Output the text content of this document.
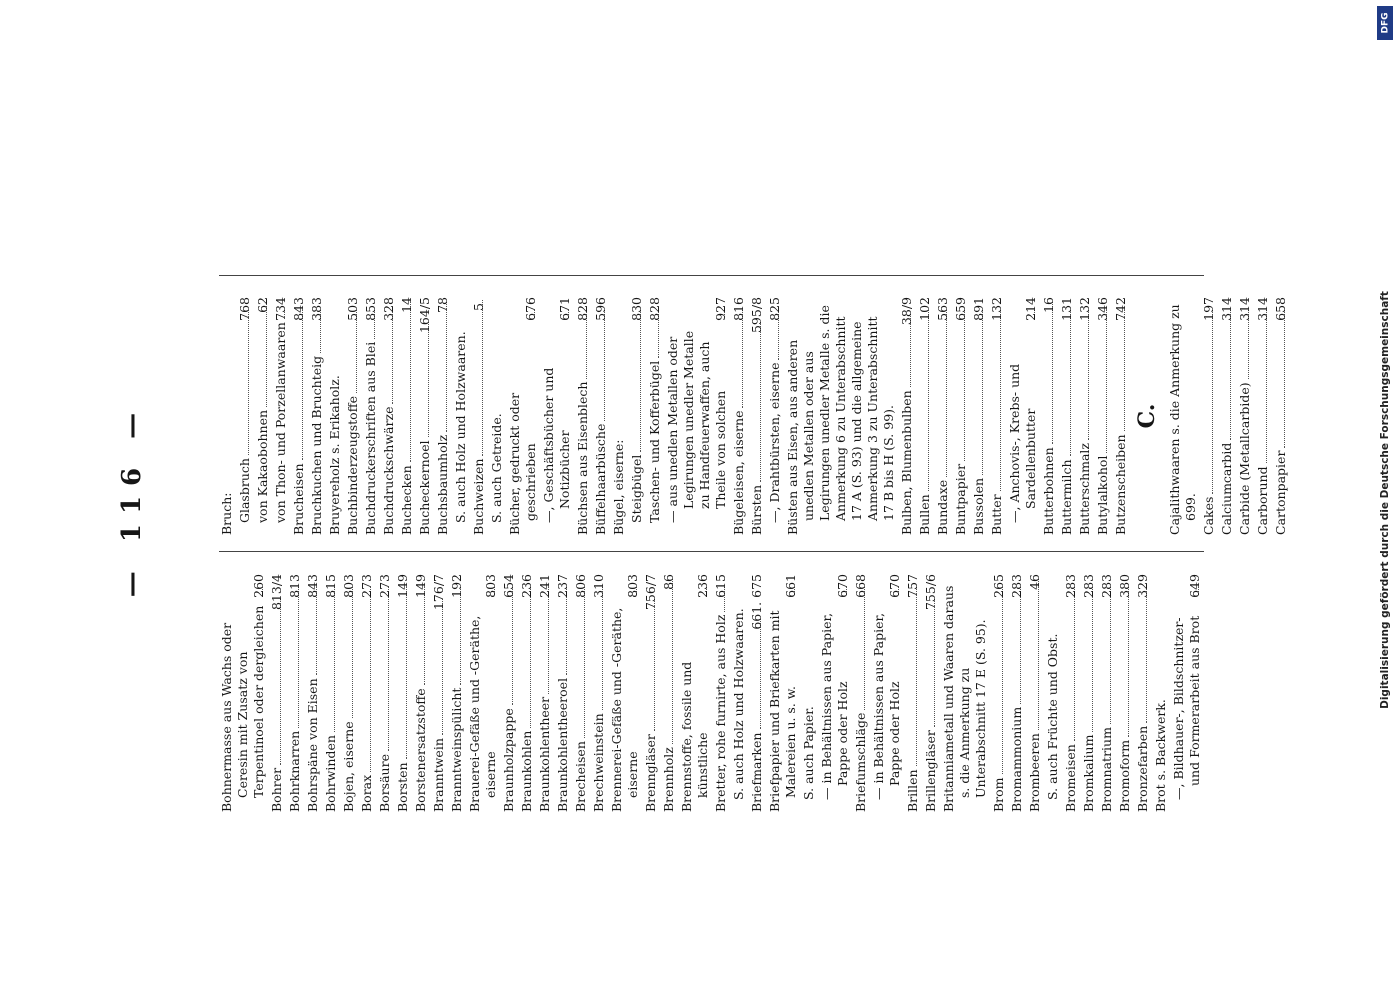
— 116 —
Bohnermasse aus Wachs oder Ceresin mit Zusatz von Terpentinoel oder dergleichen
260
Bohrer
813/4
Bohrknarren
813
Bohrspäne von Eisen
843
Bohrwinden
815
Bojen, eiserne
803
Borax
273
Borsäure
273
Borsten
149
Borstenersatzstoffe
149
Branntwein
176/7
Branntweinspülicht
192
Brauerei-Gefäße und -Geräthe, eiserne
803
Braunholzpappe
654
Braunkohlen
236
Braunkohlentheer
241
Braunkohlentheeroel
237
Brecheisen
806
Brechweinstein
310
Brennerei-Gefäße und -Geräthe, eiserne
803
Brenngläser
756/7
Brennholz
86
Brennstoffe, fossile und künstliche
236
Bretter, rohe furnirte, aus Holz
615
S. auch Holz und Holzwaaren. Briefmarken
661. 675
Briefpapier und Briefkarten mit Malereien u. s. w.
661
S. auch Papier. — in Behältnissen aus Papier, Pappe oder Holz
670
Briefumschläge
668
— in Behältnissen aus Papier, Pappe oder Holz
670
Brillen
757
Brillengläser
755/6 Britanniametall und Waaren daraus s. die Anmerkung zu Unterabschnitt 17 E (S. 95). Brom
265
Bromammonium
283
Brombeeren
46
S. auch Früchte und Obst. Bromeisen
283
Bromkalium
283
Bromnatrium
283
Bromoform
380
Bronzefarben
329
Brot s. Backwerk. —, Bildhauer-, Bildschnitzer- und Formerarbeit aus Brot
649
Bruch: Glasbruch
768
von Kakaobohnen
62
von Thon- und Porzellanwaaren
734
Brucheisen
843
Bruchkuchen und Bruchteig
383
Bruyereholz s. Erikaholz. Buchbinderzeugstoffe
503
Buchdruckerschriften aus Blei
853
Buchdruckschwärze
328
Buchecken
14
Bucheckernoel
164/5
Buchsbaumholz
78
S. auch Holz und Holzwaaren. Buchweizen
5
S. auch Getreide. Bücher, gedruckt oder geschrieben
676
—, Geschäftsbücher und Notizbücher
671
Büchsen aus Eisenblech
828
Büffelhaarbüsche
596
Bügel, eiserne: Steigbügel
830
Taschen- und Kofferbügel
828
— aus unedlen Metallen oder Legirungen unedler Metalle zu Handfeuerwaffen, auch Theile von solchen
927
Bügeleisen, eiserne
816
Bürsten
595/8
—, Drahtbürsten, eiserne
825
Büsten aus Eisen, aus anderen unedlen Metallen oder aus Legirungen unedler Metalle s. die Anmerkung 6 zu Unterabschnitt 17 A (S. 93) und die allgemeine Anmerkung 3 zu Unterabschnitt 17 B bis H (S. 99). Bulben, Blumenbulben
38/9
Bullen
102
Bundaxe
563
Buntpapier
659
Bussolen
891
Butter
132
—, Anchovis-, Krebs- und Sardellenbutter
214
Butterbohnen
16
Buttermilch
131
Butterschmalz
132
Butylalkohol
346
Butzenscheiben
742
C. Cajalithwaaren s. die Anmerkung zu 699. Cakes
197
Calciumcarbid
314
Carbide (Metallcarbide)
314
Carborund
314
Cartonpapier
658	Digitalisierung gefördert durch die Deutsche Forschungsgemeinschaft
DFG
